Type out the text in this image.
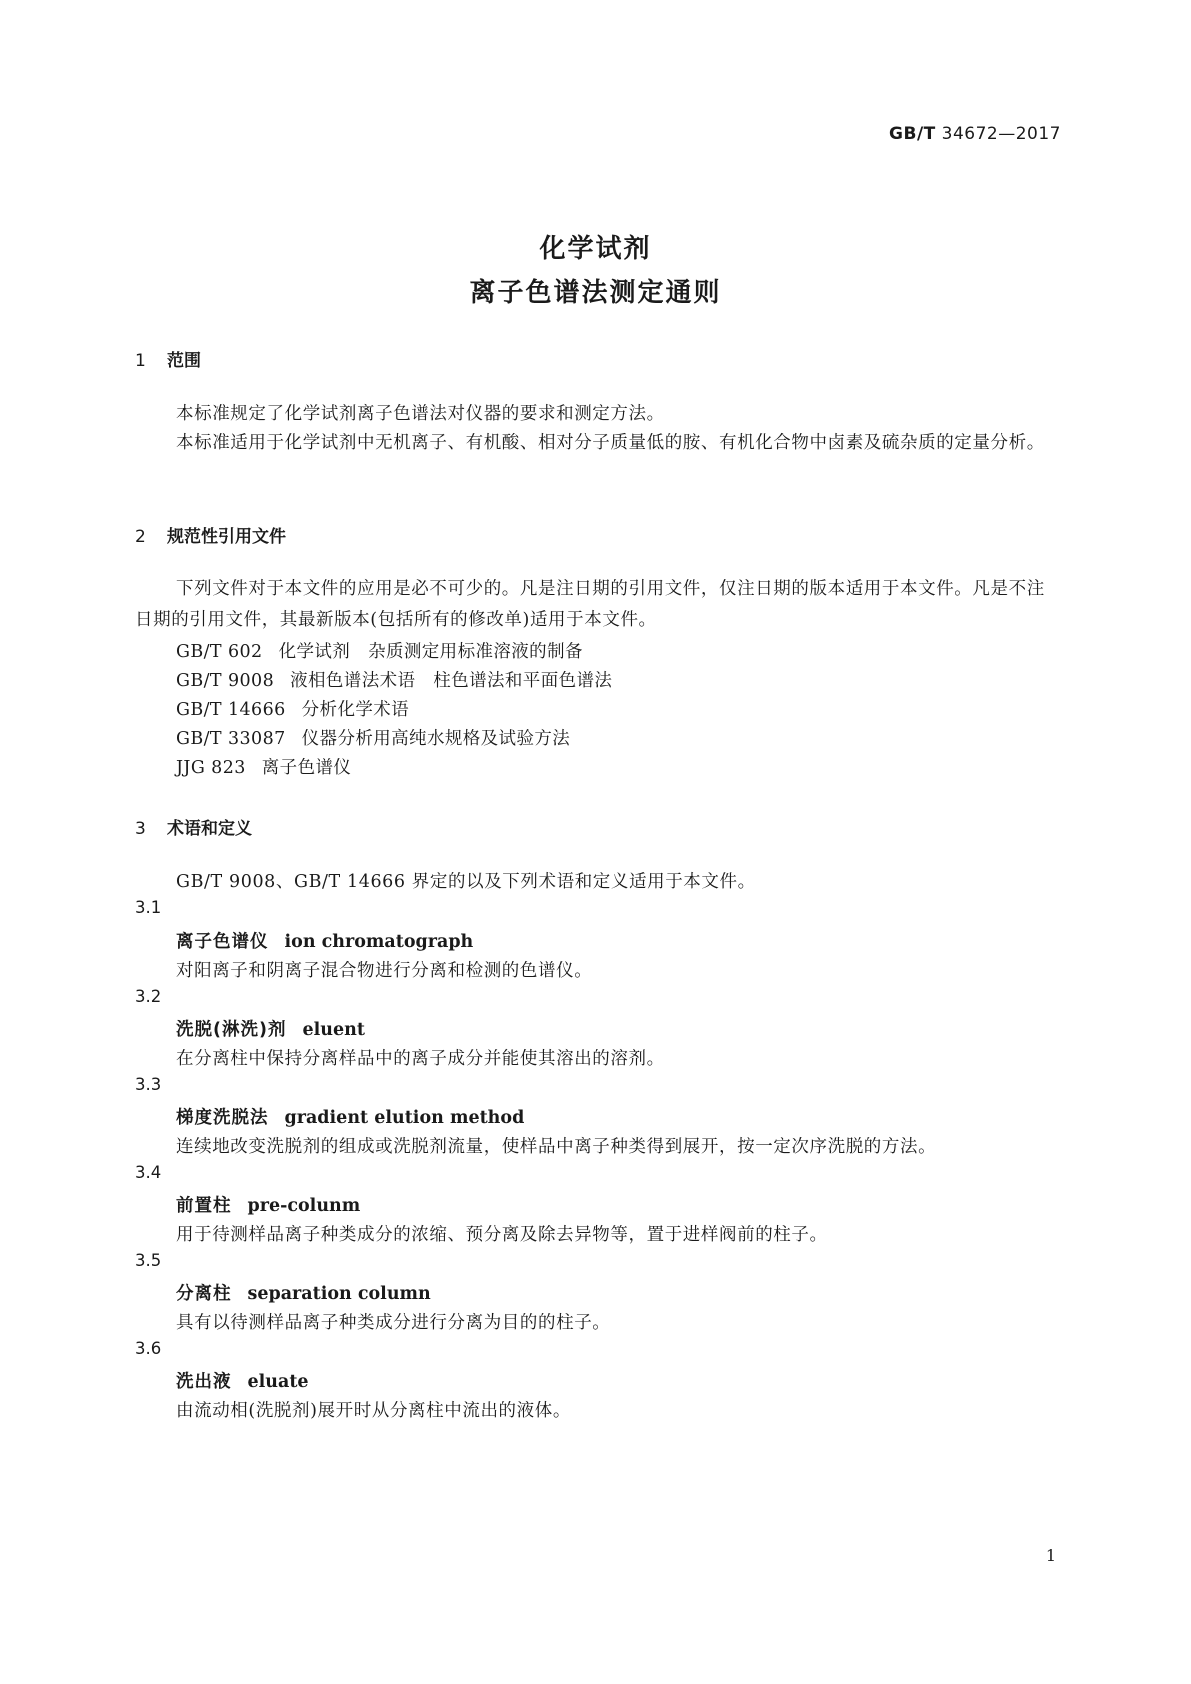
GB/T 34672—2017
化学试剂
离子色谱法测定通则
1 范围
本标准规定了化学试剂离子色谱法对仪器的要求和测定方法。
本标准适用于化学试剂中无机离子、有机酸、相对分子质量低的胺、有机化合物中卤素及硫杂质的定量分析。
2 规范性引用文件
下列文件对于本文件的应用是必不可少的。凡是注日期的引用文件，仅注日期的版本适用于本文件。凡是不注日期的引用文件，其最新版本(包括所有的修改单)适用于本文件。
GB/T 602 化学试剂　杂质测定用标准溶液的制备
GB/T 9008 液相色谱法术语　柱色谱法和平面色谱法
GB/T 14666 分析化学术语
GB/T 33087 仪器分析用高纯水规格及试验方法
JJG 823 离子色谱仪
3 术语和定义
GB/T 9008、GB/T 14666 界定的以及下列术语和定义适用于本文件。
3.1
离子色谱仪 ion chromatograph
对阳离子和阴离子混合物进行分离和检测的色谱仪。
3.2
洗脱(淋洗)剂 eluent
在分离柱中保持分离样品中的离子成分并能使其溶出的溶剂。
3.3
梯度洗脱法 gradient elution method
连续地改变洗脱剂的组成或洗脱剂流量，使样品中离子种类得到展开，按一定次序洗脱的方法。
3.4
前置柱 pre-colunm
用于待测样品离子种类成分的浓缩、预分离及除去异物等，置于进样阀前的柱子。
3.5
分离柱 separation column
具有以待测样品离子种类成分进行分离为目的的柱子。
3.6
洗出液 eluate
由流动相(洗脱剂)展开时从分离柱中流出的液体。
1
